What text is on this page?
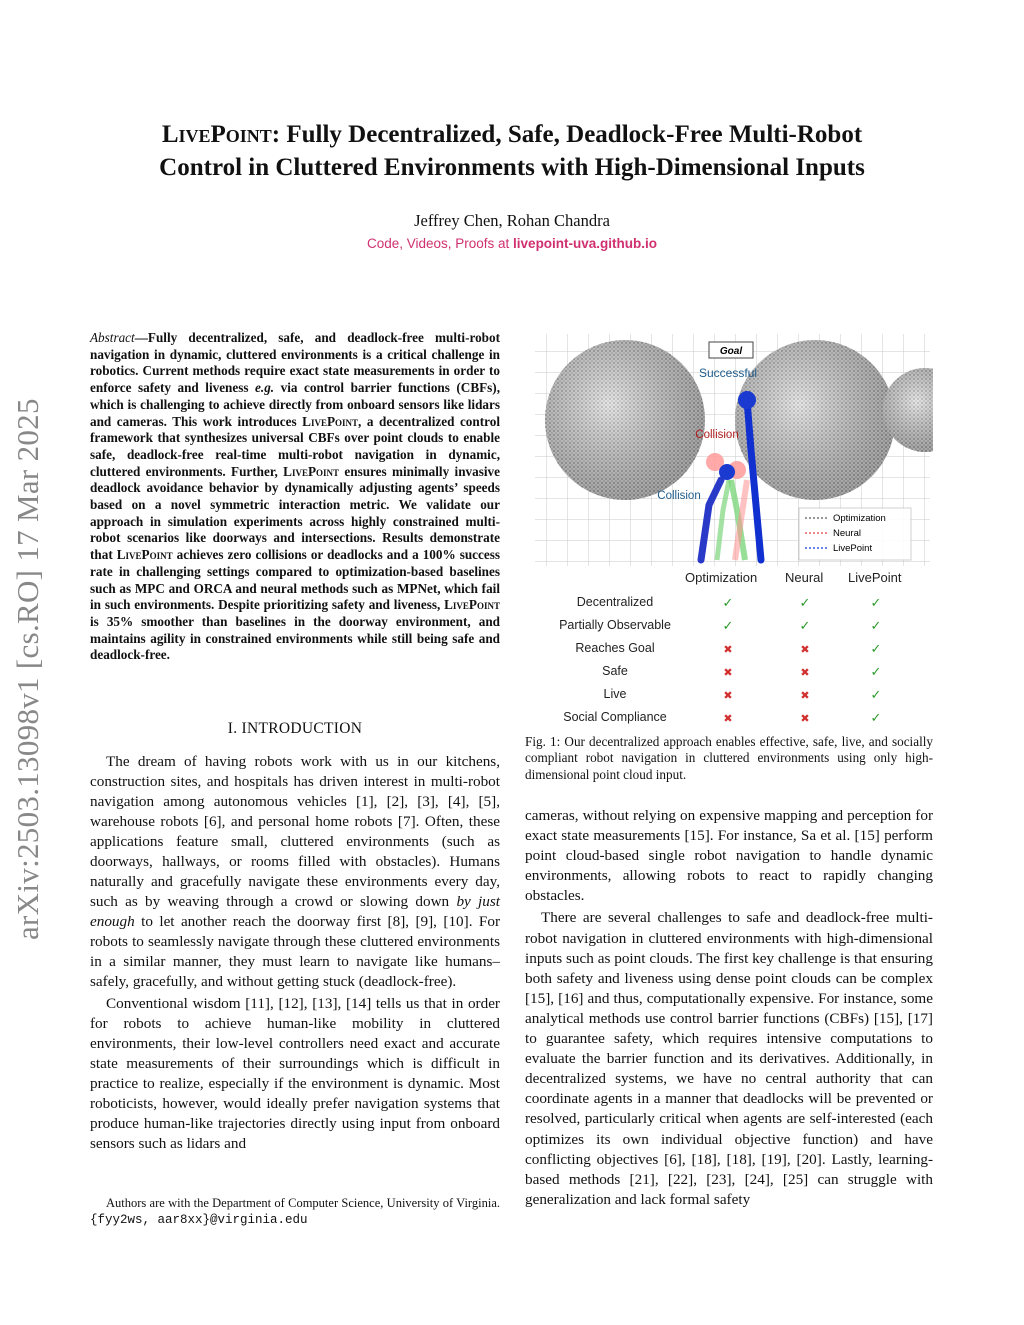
LivePoint: Fully Decentralized, Safe, Deadlock-Free Multi-Robot
Control in Cluttered Environments with High-Dimensional Inputs
Jeffrey Chen, Rohan Chandra
Code, Videos, Proofs at livepoint-uva.github.io
arXiv:2503.13098v1 [cs.RO] 17 Mar 2025
Abstract—Fully decentralized, safe, and deadlock-free multi-robot navigation in dynamic, cluttered environments is a critical challenge in robotics. Current methods require exact state measurements in order to enforce safety and liveness e.g. via control barrier functions (CBFs), which is challenging to achieve directly from onboard sensors like lidars and cameras. This work introduces LivePoint, a decentralized control framework that synthesizes universal CBFs over point clouds to enable safe, deadlock-free real-time multi-robot navigation in dynamic, cluttered environments. Further, LivePoint ensures minimally invasive deadlock avoidance behavior by dynamically adjusting agents’ speeds based on a novel symmetric interaction metric. We validate our approach in simulation experiments across highly constrained multi-robot scenarios like doorways and intersections. Results demonstrate that LivePoint achieves zero collisions or deadlocks and a 100% success rate in challenging settings compared to optimization-based baselines such as MPC and ORCA and neural methods such as MPNet, which fail in such environments. Despite prioritizing safety and liveness, LivePoint is 35% smoother than baselines in the doorway environment, and maintains agility in constrained environments while still being safe and deadlock-free.
I. INTRODUCTION

The dream of having robots work with us in our kitchens, construction sites, and hospitals has driven interest in multi-robot navigation among autonomous vehicles [1], [2], [3], [4], [5], warehouse robots [6], and personal home robots [7]. Often, these applications feature small, cluttered environments (such as doorways, hallways, or rooms filled with obstacles). Humans naturally and gracefully navigate these environments every day, such as by weaving through a crowd or slowing down by just enough to let another reach the doorway first [8], [9], [10]. For robots to seamlessly navigate through these cluttered environments in a similar manner, they must learn to navigate like humans–safely, gracefully, and without getting stuck (deadlock-free).

Conventional wisdom [11], [12], [13], [14] tells us that in order for robots to achieve human-like mobility in cluttered environments, their low-level controllers need exact and accurate state measurements of their surroundings which is difficult in practice to realize, especially if the environment is dynamic. Most roboticists, however, would ideally prefer navigation systems that produce human-like trajectories directly using input from onboard sensors such as lidars and

Authors are with the Department of Computer Science, University of Virginia. {fyy2ws, aar8xx}@virginia.edu

Goal
Successful
Collision
Collision
Optimization
Neural
LivePoint
Optimization Neural LivePoint
Decentralized	✓	✓	✓
Partially Observable	✓	✓	✓
Reaches Goal	✖	✖	✓
Safe	✖	✖	✓
Live	✖	✖	✓
Social Compliance	✖	✖	✓
Fig. 1: Our decentralized approach enables effective, safe, live, and socially compliant robot navigation in cluttered environments using only high-dimensional point cloud input.

cameras, without relying on expensive mapping and perception for exact state measurements [15]. For instance, Sa et al. [15] perform point cloud-based single robot navigation to handle dynamic environments, allowing robots to react to rapidly changing obstacles.

There are several challenges to safe and deadlock-free multi-robot navigation in cluttered environments with high-dimensional inputs such as point clouds. The first key challenge is that ensuring both safety and liveness using dense point clouds can be complex [15], [16] and thus, computationally expensive. For instance, some analytical methods use control barrier functions (CBFs) [15], [17] to guarantee safety, which requires intensive computations to evaluate the barrier function and its derivatives. Additionally, in decentralized systems, we have no central authority that can coordinate agents in a manner that deadlocks will be prevented or resolved, particularly critical when agents are self-interested (each optimizes its own individual objective function) and have conflicting objectives [6], [18], [18], [19], [20]. Lastly, learning-based methods [21], [22], [23], [24], [25] can struggle with generalization and lack formal safety
